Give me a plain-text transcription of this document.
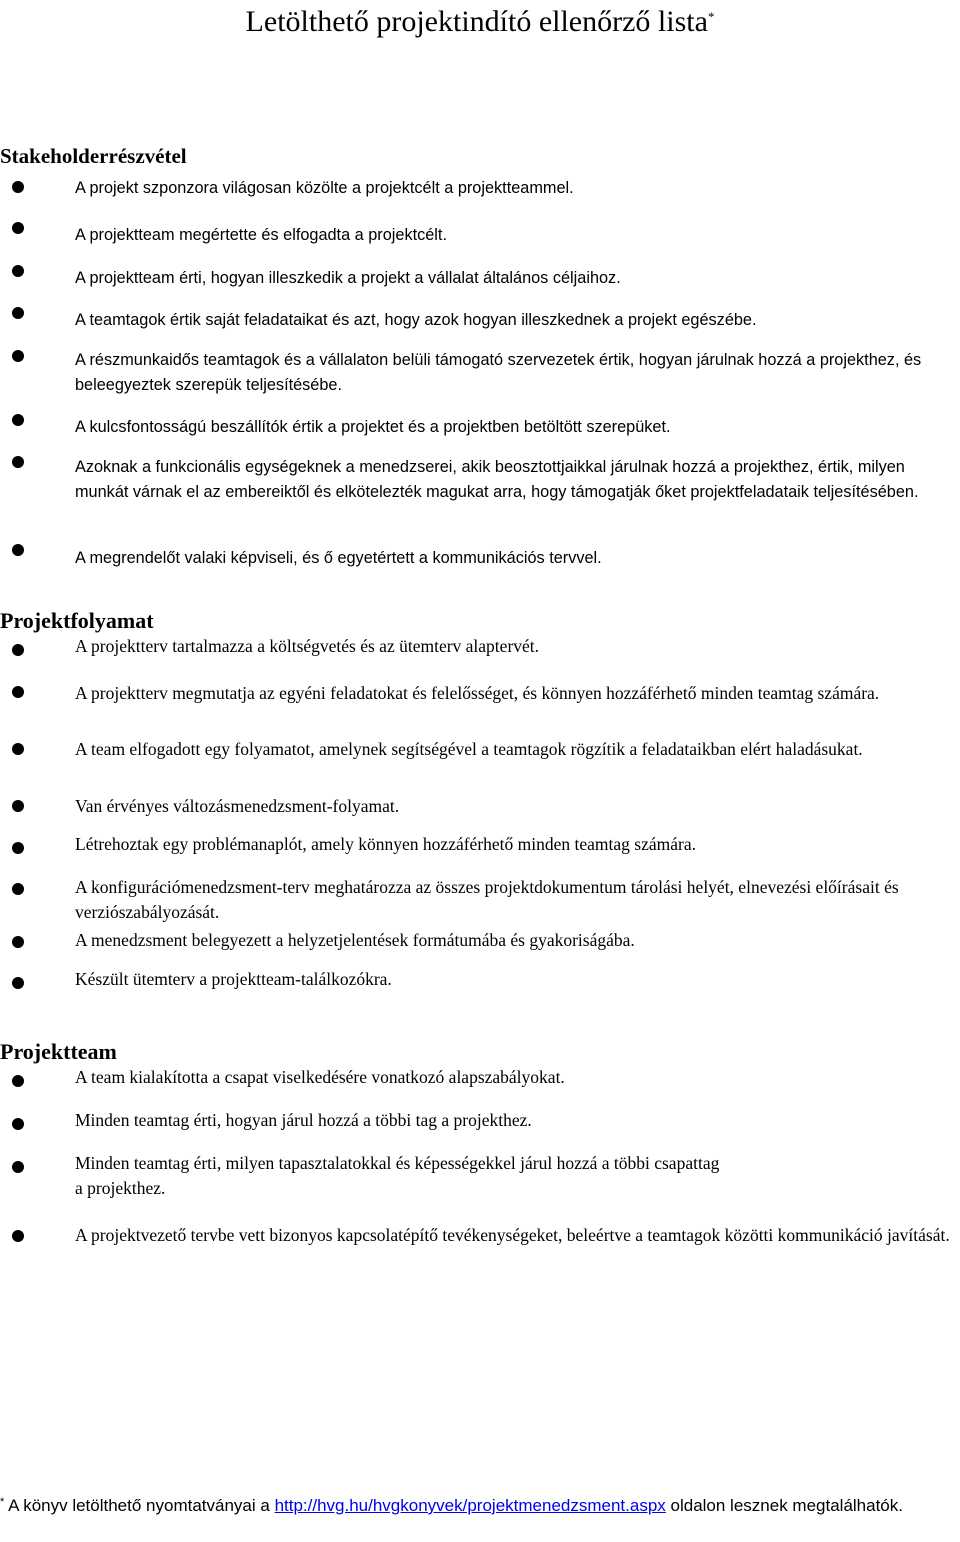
Letölthető projektindító ellenőrző lista*
Stakeholderrészvétel
A projekt szponzora világosan közölte a projektcélt a projektteammel.
A projektteam megértette és elfogadta a projektcélt.
A projektteam érti, hogyan illeszkedik a projekt a vállalat általános céljaihoz.
A teamtagok értik saját feladataikat és azt, hogy azok hogyan illeszkednek a projekt egészébe.
A részmunkaidős teamtagok és a vállalaton belüli támogató szervezetek értik, hogyan járulnak hozzá a projekthez, és beleegyeztek szerepük teljesítésébe.
A kulcsfontosságú beszállítók értik a projektet és a projektben betöltött szerepüket.
Azoknak a funkcionális egységeknek a menedzserei, akik beosztottjaikkal járulnak hozzá a projekthez, értik, milyen munkát várnak el az embereiktől és elkötelezték magukat arra, hogy támogatják őket projektfeladataik teljesítésében.
A megrendelőt valaki képviseli, és ő egyetértett a kommunikációs tervvel.
Projektfolyamat
A projektterv tartalmazza a költségvetés és az ütemterv alaptervét.
A projektterv megmutatja az egyéni feladatokat és felelősséget, és könnyen hozzáférhető minden teamtag számára.
A team elfogadott egy folyamatot, amelynek segítségével a teamtagok rögzítik a feladataikban elért haladásukat.
Van érvényes változásmenedzsment-folyamat.
Létrehoztak egy problémanaplót, amely könnyen hozzáférhető minden teamtag számára.
A konfigurációmenedzsment-terv meghatározza az összes projektdokumentum tárolási helyét, elnevezési előírásait és verziószabályozását.
A menedzsment belegyezett a helyzetjelentések formátumába és gyakoriságába.
Készült ütemterv a projektteam-találkozókra.
Projektteam
A team kialakította a csapat viselkedésére vonatkozó alapszabályokat.
Minden teamtag érti, hogyan járul hozzá a többi tag a projekthez.
Minden teamtag érti, milyen tapasztalatokkal és képességekkel járul hozzá a többi csapattag
a projekthez.
A projektvezető tervbe vett bizonyos kapcsolatépítő tevékenységeket, beleértve a teamtagok közötti kommunikáció javítását.
* A könyv letölthető nyomtatványai a http://hvg.hu/hvgkonyvek/projektmenedzsment.aspx oldalon lesznek megtalálhatók.
